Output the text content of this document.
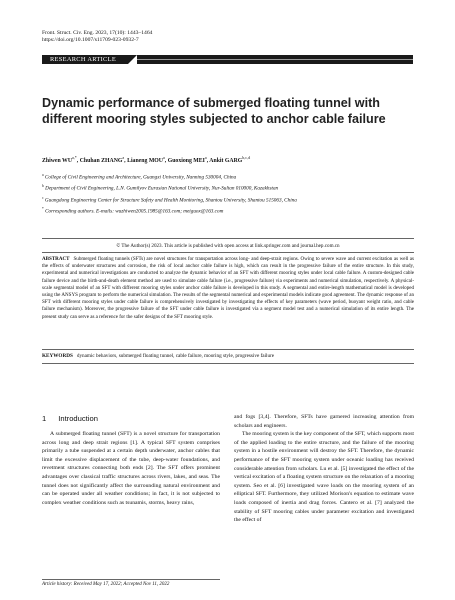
Front. Struct. Civ. Eng. 2023, 17(10): 1443–1464
https://doi.org/10.1007/s11709-023-0932-7
RESEARCH ARTICLE
Dynamic performance of submerged floating tunnel with different mooring styles subjected to anchor cable failure
Zhiwen $WU^{a,*}$, Chuhan ZHANG$^a$, Lianeng MOU$^a$, Guoxiong MEI$^a$, Ankit GARG$^{b,c,d}$
$^a$ College of Civil Engineering and Architecture, Guangxi University, Nanning 530004, China
$^b$ Department of Civil Engineering, L.N. Gumilyov Eurasian National University, Nur-Sultan 010000, Kazakhstan
$^c$ Guangdong Engineering Center for Structure Safety and Health Monitoring, Shantou University, Shantou 515063, China
* Corresponding authors. E-mails: wuzhiwen2005.1985@163.com; meiguox@163.com
© The Author(s) 2023. This article is published with open access at link.springer.com and journal.hep.com.cn
ABSTRACT Submerged floating tunnels (SFTs) are novel structures for transportation across long- and deep-strait regions. Owing to severe wave and current excitation as well as the effects of underwater structures and corrosion, the risk of local anchor cable failure is high, which can result in the progressive failure of the entire structure. In this study, experimental and numerical investigations are conducted to analyze the dynamic behavior of an SFT with different mooring styles under local cable failure. A custom-designed cable failure device and the birth-and-death element method are used to simulate cable failure (i.e., progressive failure) via experiments and numerical simulation, respectively. A physical-scale segmental model of an SFT with different mooring styles under anchor cable failure is developed in this study. A segmental and entire-length mathematical model is developed using the ANSYS program to perform the numerical simulation. The results of the segmental numerical and experimental models indicate good agreement. The dynamic response of an SFT with different mooring styles under cable failure is comprehensively investigated by investigating the effects of key parameters (wave period, buoyant weight ratio, and cable failure mechanism). Moreover, the progressive failure of the SFT under cable failure is investigated via a segment model test and a numerical simulation of its entire length. The present study can serve as a reference for the safer designs of the SFT mooring style.
KEYWORDS dynamic behaviors, submerged floating tunnel, cable failure, mooring style, progressive failure
1 Introduction

A submerged floating tunnel (SFT) is a novel structure for transportation across long and deep strait regions [1]. A typical SFT system comprises primarily a tube suspended at a certain depth underwater, anchor cables that limit the excessive displacement of the tube, deep-water foundations, and revetment structures connecting both ends [2]. The SFT offers prominent advantages over classical traffic structures across rivers, lakes, and seas. The tunnel does not significantly affect the surrounding natural environment and can be operated under all weather conditions; in fact, it is not subjected to complex weather conditions such as tsunamis, storms, heavy rains,

and fogs [3,4]. Therefore, SFTs have garnered increasing attention from scholars and engineers.

The mooring system is the key component of the SFT, which supports most of the applied loading to the entire structure, and the failure of the mooring system in a hostile environment will destroy the SFT. Therefore, the dynamic performance of the SFT mooring system under oceanic loading has received considerable attention from scholars. Lu et al. [5] investigated the effect of the vertical excitation of a floating system structure on the relaxation of a mooring system. Seo et al. [6] investigated wave loads on the mooring system of an elliptical SFT. Furthermore, they utilized Morison's equation to estimate wave loads composed of inertia and drag forces. Cantero et al. [7] analyzed the stability of SFT mooring cables under parameter excitation and investigated the effect of

Article history: Received May 17, 2022; Accepted Nov 11, 2022
